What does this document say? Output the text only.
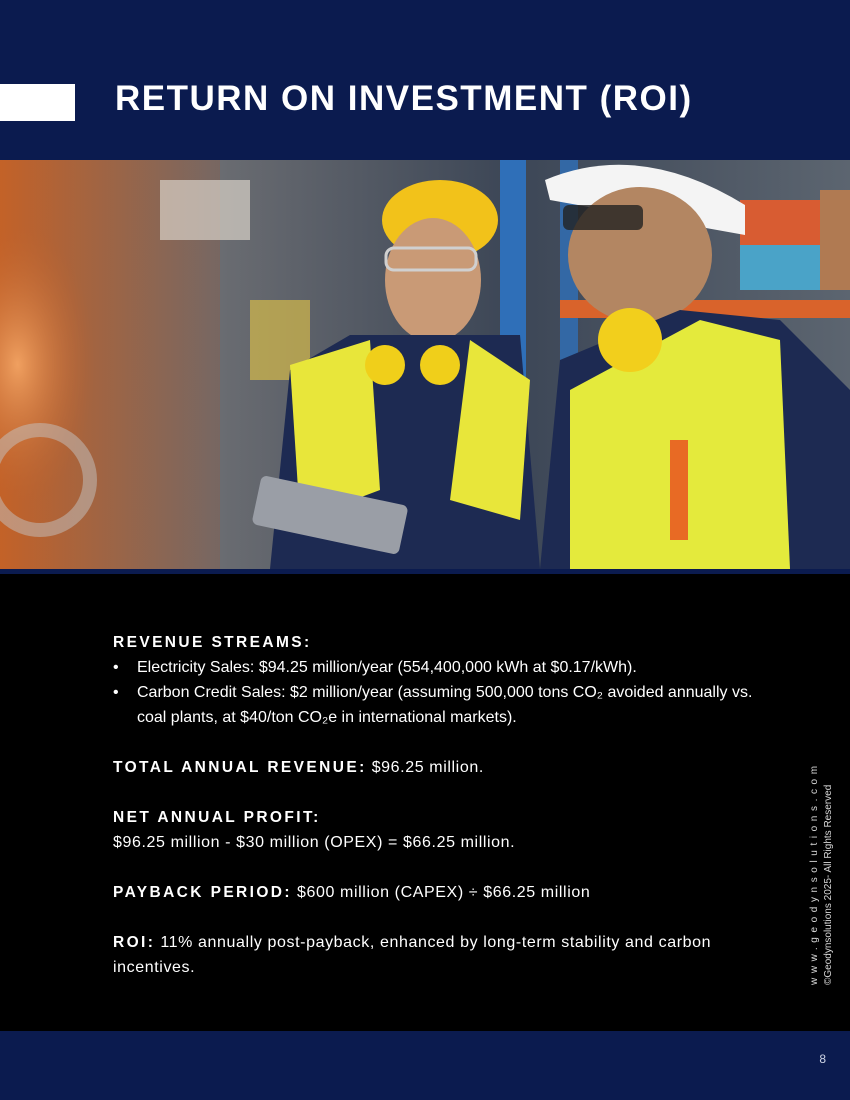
RETURN ON INVESTMENT (ROI)
REVENUE STREAMS:
• Electricity Sales: $94.25 million/year (554,400,000 kWh at $0.17/kWh).
• Carbon Credit Sales: $2 million/year (assuming 500,000 tons CO₂ avoided annually vs. coal plants, at $40/ton CO₂e in international markets).
TOTAL ANNUAL REVENUE: $96.25 million.
NET ANNUAL PROFIT:
$96.25 million - $30 million (OPEX) = $66.25 million.
PAYBACK PERIOD: $600 million (CAPEX) ÷ $66.25 million
ROI: 11% annually post-payback, enhanced by long-term stability and carbon incentives.	www.geodynsolutions.com ©Geodynsolutions 2025- All Rights Reserved
8
